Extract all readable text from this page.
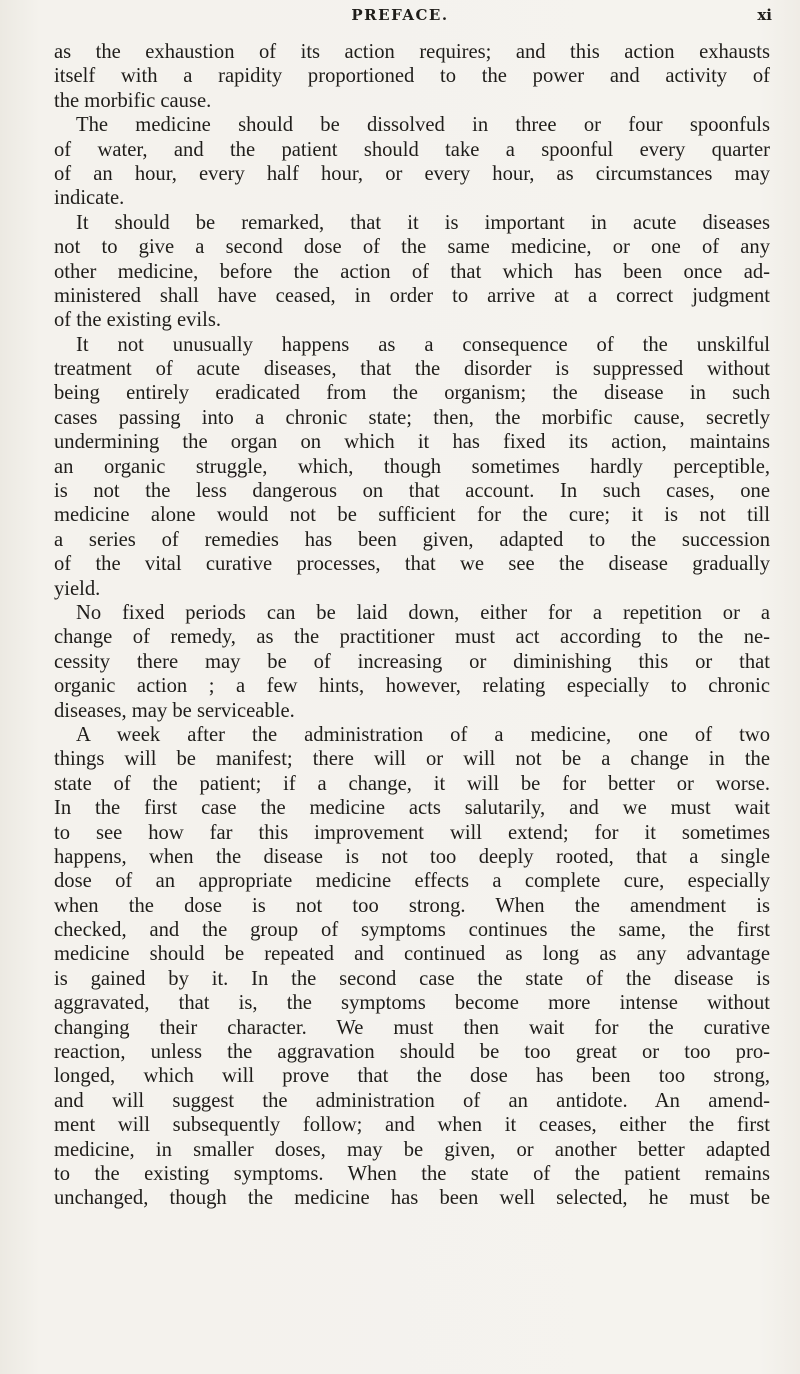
PREFACE.	xi
as the exhaustion of its action requires; and this action exhausts
itself with a rapidity proportioned to the power and activity of
the morbific cause.
The medicine should be dissolved in three or four spoonfuls
of water, and the patient should take a spoonful every quarter
of an hour, every half hour, or every hour, as circumstances may
indicate.
It should be remarked, that it is important in acute diseases
not to give a second dose of the same medicine, or one of any
other medicine, before the action of that which has been once ad-
ministered shall have ceased, in order to arrive at a correct judgment
of the existing evils.
It not unusually happens as a consequence of the unskilful
treatment of acute diseases, that the disorder is suppressed without
being entirely eradicated from the organism; the disease in such
cases passing into a chronic state; then, the morbific cause, secretly
undermining the organ on which it has fixed its action, maintains
an organic struggle, which, though sometimes hardly perceptible,
is not the less dangerous on that account. In such cases, one
medicine alone would not be sufficient for the cure; it is not till
a series of remedies has been given, adapted to the succession
of the vital curative processes, that we see the disease gradually
yield.
No fixed periods can be laid down, either for a repetition or a
change of remedy, as the practitioner must act according to the ne-
cessity there may be of increasing or diminishing this or that
organic action ; a few hints, however, relating especially to chronic
diseases, may be serviceable.
A week after the administration of a medicine, one of two
things will be manifest; there will or will not be a change in the
state of the patient; if a change, it will be for better or worse.
In the first case the medicine acts salutarily, and we must wait
to see how far this improvement will extend; for it sometimes
happens, when the disease is not too deeply rooted, that a single
dose of an appropriate medicine effects a complete cure, especially
when the dose is not too strong. When the amendment is
checked, and the group of symptoms continues the same, the first
medicine should be repeated and continued as long as any advantage
is gained by it. In the second case the state of the disease is
aggravated, that is, the symptoms become more intense without
changing their character. We must then wait for the curative
reaction, unless the aggravation should be too great or too pro-
longed, which will prove that the dose has been too strong,
and will suggest the administration of an antidote. An amend-
ment will subsequently follow; and when it ceases, either the first
medicine, in smaller doses, may be given, or another better adapted
to the existing symptoms. When the state of the patient remains
unchanged, though the medicine has been well selected, he must be
